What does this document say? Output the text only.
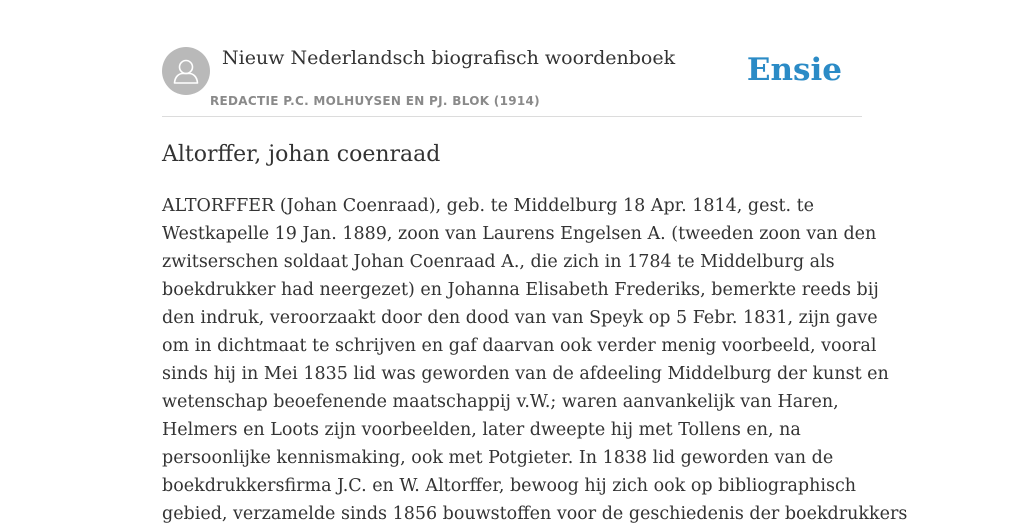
Nieuw Nederlandsch biografisch woordenboek
REDACTIE P.C. MOLHUYSEN EN PJ. BLOK (1914)
Ensie
Altorffer, johan coenraad
ALTORFFER (Johan Coenraad), geb. te Middelburg 18 Apr. 1814, gest. te
Westkapelle 19 Jan. 1889, zoon van Laurens Engelsen A. (tweeden zoon van den
zwitserschen soldaat Johan Coenraad A., die zich in 1784 te Middelburg als
boekdrukker had neergezet) en Johanna Elisabeth Frederiks, bemerkte reeds bij
den indruk, veroorzaakt door den dood van van Speyk op 5 Febr. 1831, zijn gave
om in dichtmaat te schrijven en gaf daarvan ook verder menig voorbeeld, vooral
sinds hij in Mei 1835 lid was geworden van de afdeeling Middelburg der kunst en
wetenschap beoefenende maatschappij v.W.; waren aanvankelijk van Haren,
Helmers en Loots zijn voorbeelden, later dweepte hij met Tollens en, na
persoonlijke kennismaking, ook met Potgieter. In 1838 lid geworden van de
boekdrukkersfirma J.C. en W. Altorffer, bewoog hij zich ook op bibliographisch
gebied, verzamelde sinds 1856 bouwstoffen voor de geschiedenis der boekdrukkers
